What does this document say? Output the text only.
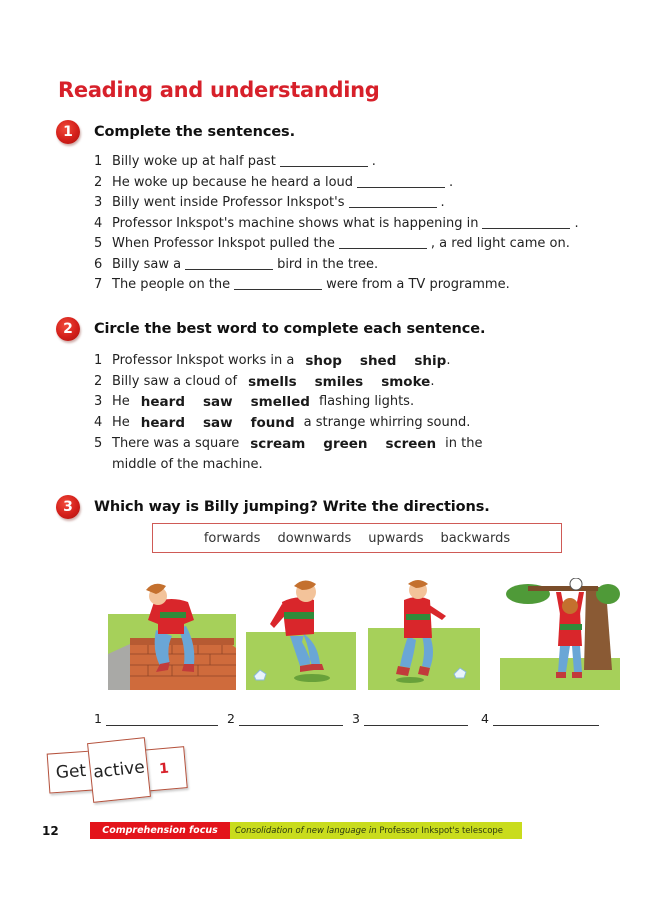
Reading and understanding
1	Complete the sentences.
1 Billy woke up at half past	.
2 He woke up because he heard a loud	.
3 Billy went inside Professor Inkspot's	.
4 Professor Inkspot's machine shows what is happening in	.
5 When Professor Inkspot pulled the	, a red light came on.
6 Billy saw a	bird in the tree.
7 The people on the	were from a TV programme.
2	Circle the best word to complete each sentence.
1 Professor Inkspot works in a shop shed ship .
2 Billy saw a cloud of smells smiles smoke .
3 He heard saw smelled flashing lights.
4 He heard saw found a strange whirring sound.
5 There was a square scream green screen in the
middle of the machine.
3	Which way is Billy jumping? Write the directions.
forwards downwards upwards backwards
1	2	3	4
Get	1
active
12	Comprehension focus	Consolidation of new language in
Professor Inkspot's telescope
